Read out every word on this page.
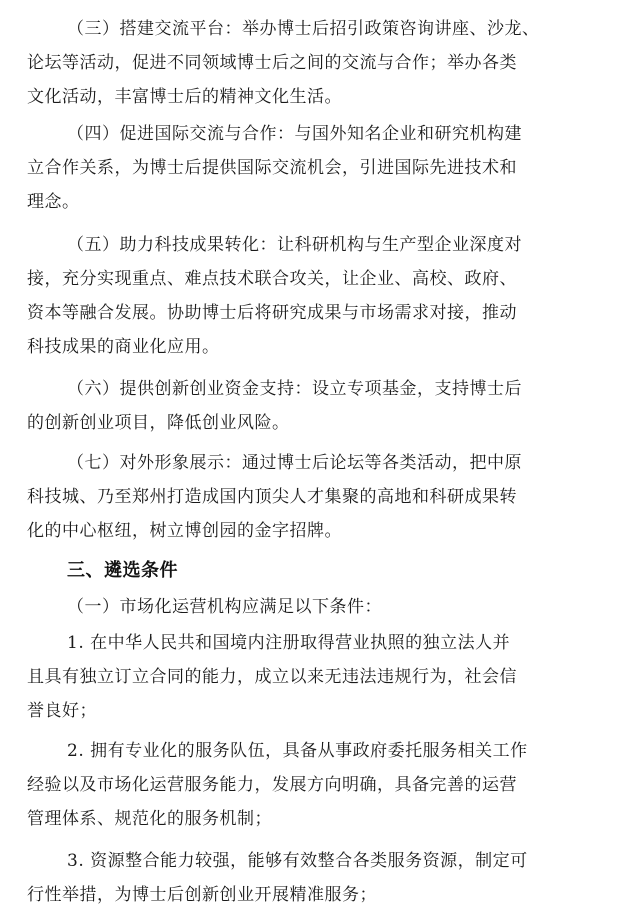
（三）搭建交流平台：举办博士后招引政策咨询讲座、沙龙、
论坛等活动，促进不同领域博士后之间的交流与合作；举办各类
文化活动，丰富博士后的精神文化生活。
（四）促进国际交流与合作：与国外知名企业和研究机构建
立合作关系，为博士后提供国际交流机会，引进国际先进技术和
理念。
（五）助力科技成果转化：让科研机构与生产型企业深度对
接，充分实现重点、难点技术联合攻关，让企业、高校、政府、
资本等融合发展。协助博士后将研究成果与市场需求对接，推动
科技成果的商业化应用。
（六）提供创新创业资金支持：设立专项基金，支持博士后
的创新创业项目，降低创业风险。
（七）对外形象展示：通过博士后论坛等各类活动，把中原
科技城、乃至郑州打造成国内顶尖人才集聚的高地和科研成果转
化的中心枢纽，树立博创园的金字招牌。
三、遴选条件
（一）市场化运营机构应满足以下条件：
1. 在中华人民共和国境内注册取得营业执照的独立法人并
且具有独立订立合同的能力，成立以来无违法违规行为，社会信
誉良好；
2. 拥有专业化的服务队伍，具备从事政府委托服务相关工作
经验以及市场化运营服务能力，发展方向明确，具备完善的运营
管理体系、规范化的服务机制；
3. 资源整合能力较强，能够有效整合各类服务资源，制定可
行性举措，为博士后创新创业开展精准服务；
